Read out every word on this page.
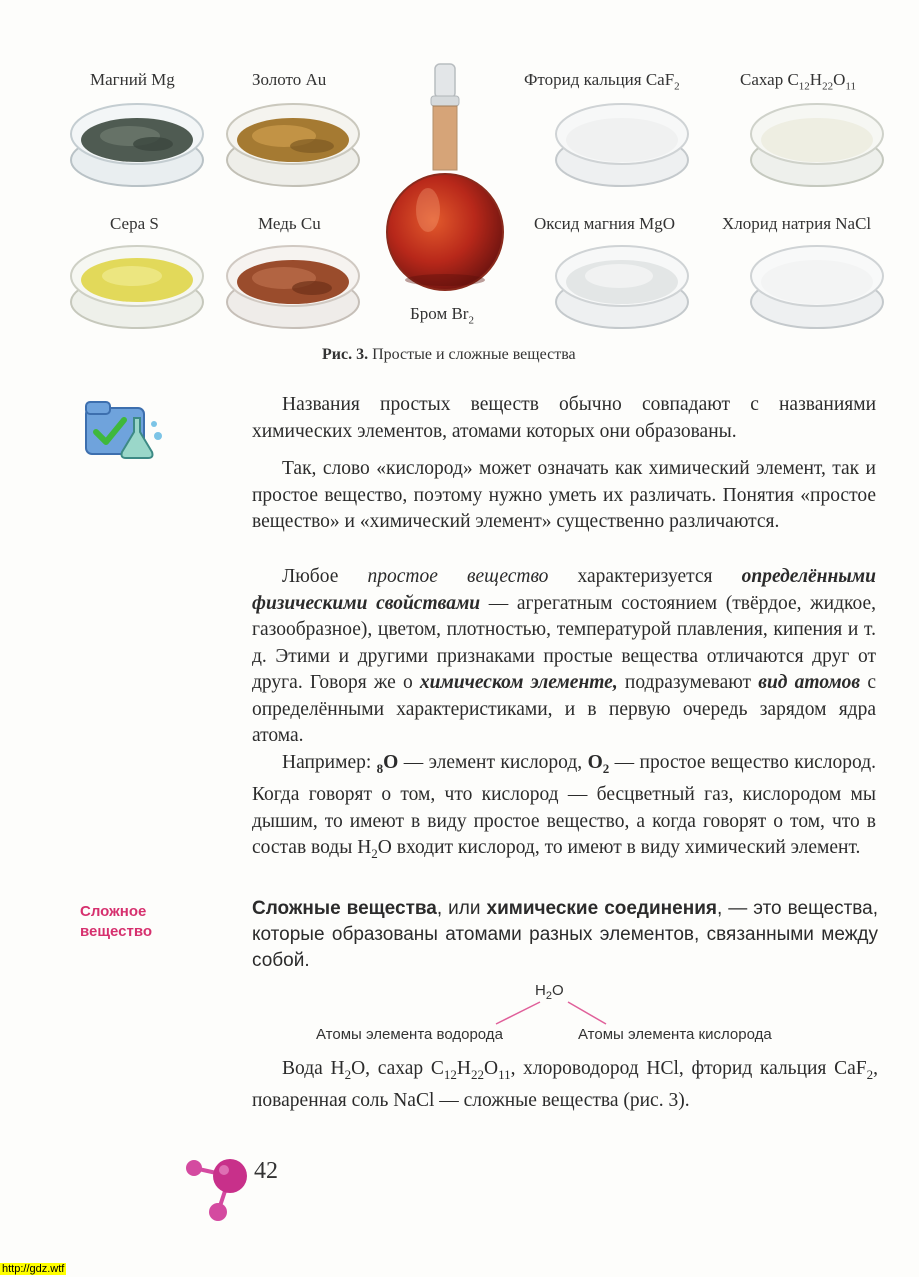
Магний Mg	Золото Au	Фторид кальция CaF$_2$	Сахар $C_{12}H_{22}O_{11}$
Сера S	Медь Cu	Оксид магния MgO	Хлорид натрия NaCl
Бром $Br_2$
Рис. 3. Простые и сложные вещества

Названия простых веществ обычно совпадают с названиями химических элементов, атомами которых они образованы.

Так, слово «кислород» может означать как химический элемент, так и простое вещество, поэтому нужно уметь их различать. Понятия «простое вещество» и «химический элемент» существенно различаются.

Любое простое вещество характеризуется определёнными физическими свойствами — агрегатным состоянием (твёрдое, жидкое, газообразное), цветом, плотностью, температурой плавления, кипения и т. д. Этими и другими признаками простые вещества отличаются друг от друга. Говоря же о химическом элементе, подразумевают вид атомов с определёнными характеристиками, и в первую очередь зарядом ядра атома.

Например: $_8$O — элемент кислород, $O_2$ — простое вещество кислород. Когда говорят о том, что кислород — бесцветный газ, кислородом мы дышим, то имеют в виду простое вещество, а когда говорят о том, что в состав воды $H_2O$ входит кислород, то имеют в виду химический элемент.

Сложное
вещество

Сложные вещества, или химические соединения, — это вещества, которые образованы атомами разных элементов, связанными между собой.

$H_2O$
Атомы элемента водорода	Атомы элемента кислорода

Вода $H_2O$, сахар $C_{12}H_{22}O_{11}$, хлороводород HCl, фторид кальция CaF$_2$, поваренная соль NaCl — сложные вещества (рис. 3).

42
http://gdz.wtf
